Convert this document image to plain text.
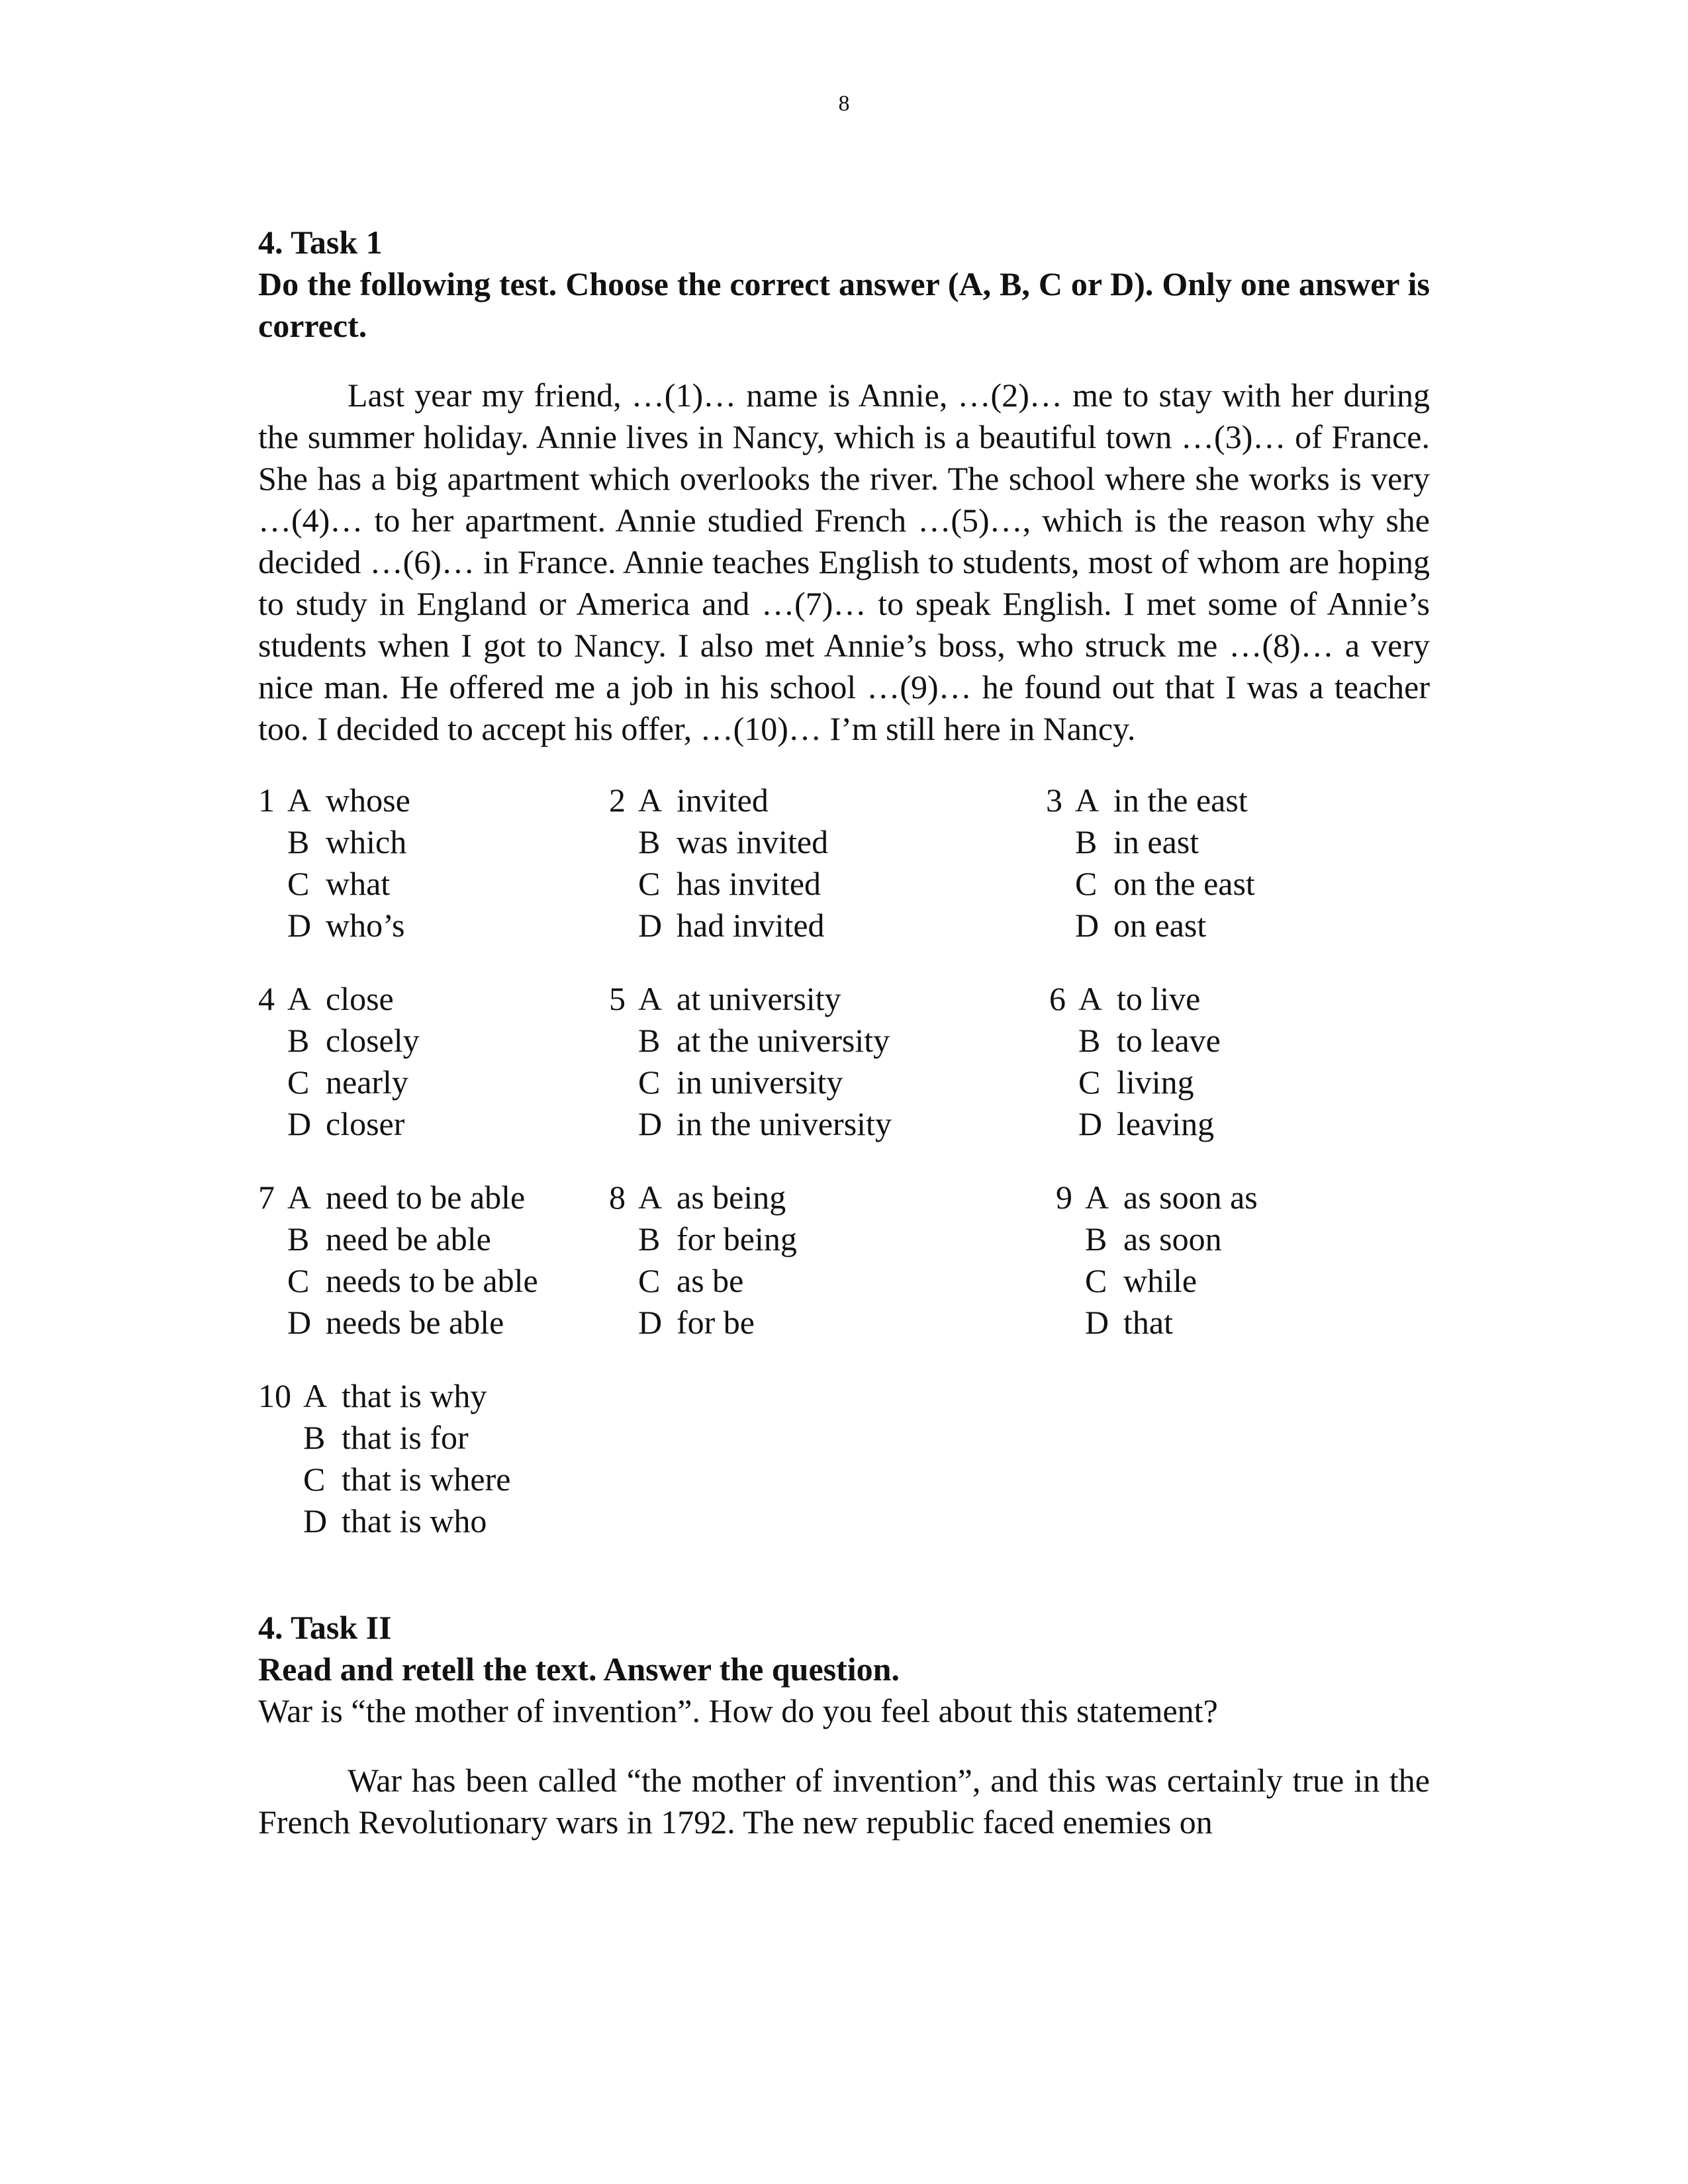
8

4. Task 1

Do the following test. Choose the correct answer (A, B, C or D). Only one answer is correct.

Last year my friend, …(1)… name is Annie, …(2)… me to stay with her during the summer holiday. Annie lives in Nancy, which is a beautiful town …(3)… of France. She has a big apartment which overlooks the river. The school where she works is very …(4)… to her apartment. Annie studied French …(5)…, which is the reason why she decided …(6)… in France. Annie teaches English to students, most of whom are hoping to study in England or America and …(7)… to speak English. I met some of Annie’s students when I got to Nancy. I also met Annie’s boss, who struck me …(8)… a very nice man. He offered me a job in his school …(9)… he found out that I was a teacher too. I decided to accept his offer, …(10)… I’m still here in Nancy.

1 A whose
B which
C what
D who’s
2 A invited
B was invited
C has invited
D had invited
3 A in the east
B in east
C on the east
D on east
4 A close
B closely
C nearly
D closer
5 A at university
B at the university
C in university
D in the university
6 A to live
B to leave
C living
D leaving
7 A need to be able
B need be able
C needs to be able
D needs be able
8 A as being
B for being
C as be
D for be
9 A as soon as
B as soon
C while
D that
10 A that is why
B that is for
C that is where
D that is who

4. Task II

Read and retell the text. Answer the question.

War is “the mother of invention”. How do you feel about this statement?

War has been called “the mother of invention”, and this was certainly true in the French Revolutionary wars in 1792. The new republic faced enemies on
